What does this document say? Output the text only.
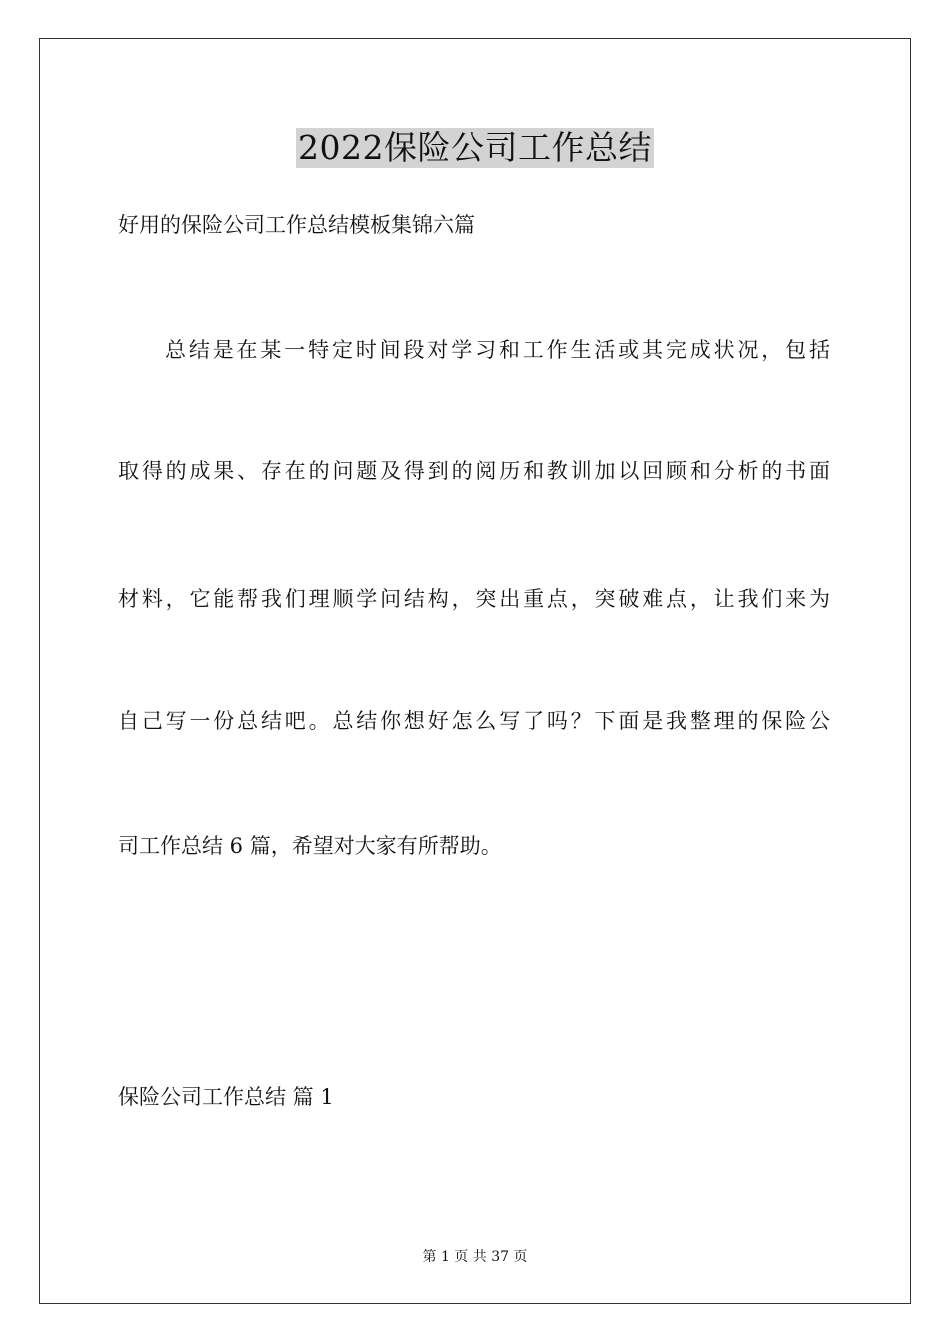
2022保险公司工作总结
好用的保险公司工作总结模板集锦六篇
总结是在某一特定时间段对学习和工作生活或其完成状况，包括
取得的成果、存在的问题及得到的阅历和教训加以回顾和分析的书面
材料，它能帮我们理顺学问结构，突出重点，突破难点，让我们来为
自己写一份总结吧。总结你想好怎么写了吗？下面是我整理的保险公
司工作总结 6 篇，希望对大家有所帮助。
保险公司工作总结 篇 1
第 1 页 共 37 页
